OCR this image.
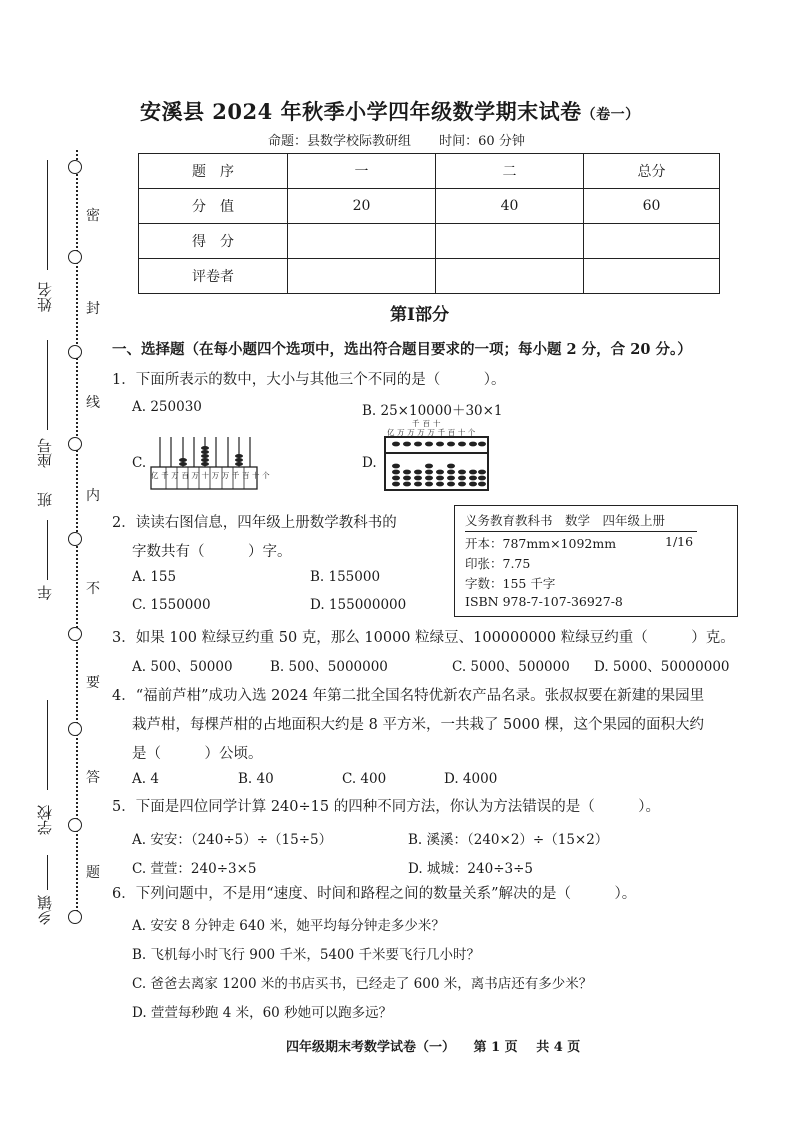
密
封
线
内
不
要
答
题
姓名
座号
班
年
学校
乡镇
安溪县 2024 年秋季小学四年级数学期末试卷（卷一）
命题：县数学校际教研组 时间：60 分钟
题　序	一	二	总分
分　值	20	40	60
得　分			
评卷者			
第Ⅰ部分
一、选择题（在每小题四个选项中，选出符合题目要求的一项；每小题 2 分，合 20 分。）
1．下面所表示的数中，大小与其他三个不同的是（　　　）。
A. 250030	B. 25×10000＋30×1
C.
亿千万百万十万万千百十个
D.
千百十
亿万万万万千百十个
2．读读右图信息，四年级上册数学教科书的
字数共有（　　　）字。
A. 155	B. 155000
C. 1550000	D. 155000000
义务教育教科书　数学　四年级上册
开本：787mm×1092mm	1/16
印张：7.75
字数：155 千字
ISBN 978-7-107-36927-8
3．如果 100 粒绿豆约重 50 克，那么 10000 粒绿豆、100000000 粒绿豆约重（　　　）克。
A. 500、50000	B. 500、5000000	C. 5000、500000 D. 5000、50000000
4．“福前芦柑”成功入选 2024 年第二批全国名特优新农产品名录。张叔叔要在新建的果园里
栽芦柑，每棵芦柑的占地面积大约是 8 平方米，一共栽了 5000 棵，这个果园的面积大约
是（　　　）公顷。
A. 4	B. 40	C. 400	D. 4000
5．下面是四位同学计算 240÷15 的四种不同方法，你认为方法错误的是（　　　）。
A. 安安：（240÷5）÷（15÷5）	B. 溪溪：（240×2）÷（15×2）
C. 萱萱：240÷3×5	D. 城城：240÷3÷5
6．下列问题中，不是用“速度、时间和路程之间的数量关系”解决的是（　　　）。
A. 安安 8 分钟走 640 米，她平均每分钟走多少米？
B. 飞机每小时飞行 900 千米，5400 千米要飞行几小时？
C. 爸爸去离家 1200 米的书店买书，已经走了 600 米，离书店还有多少米？
D. 萱萱每秒跑 4 米，60 秒她可以跑多远？
四年级期末考数学试卷（一） 第 1 页 共 4 页
